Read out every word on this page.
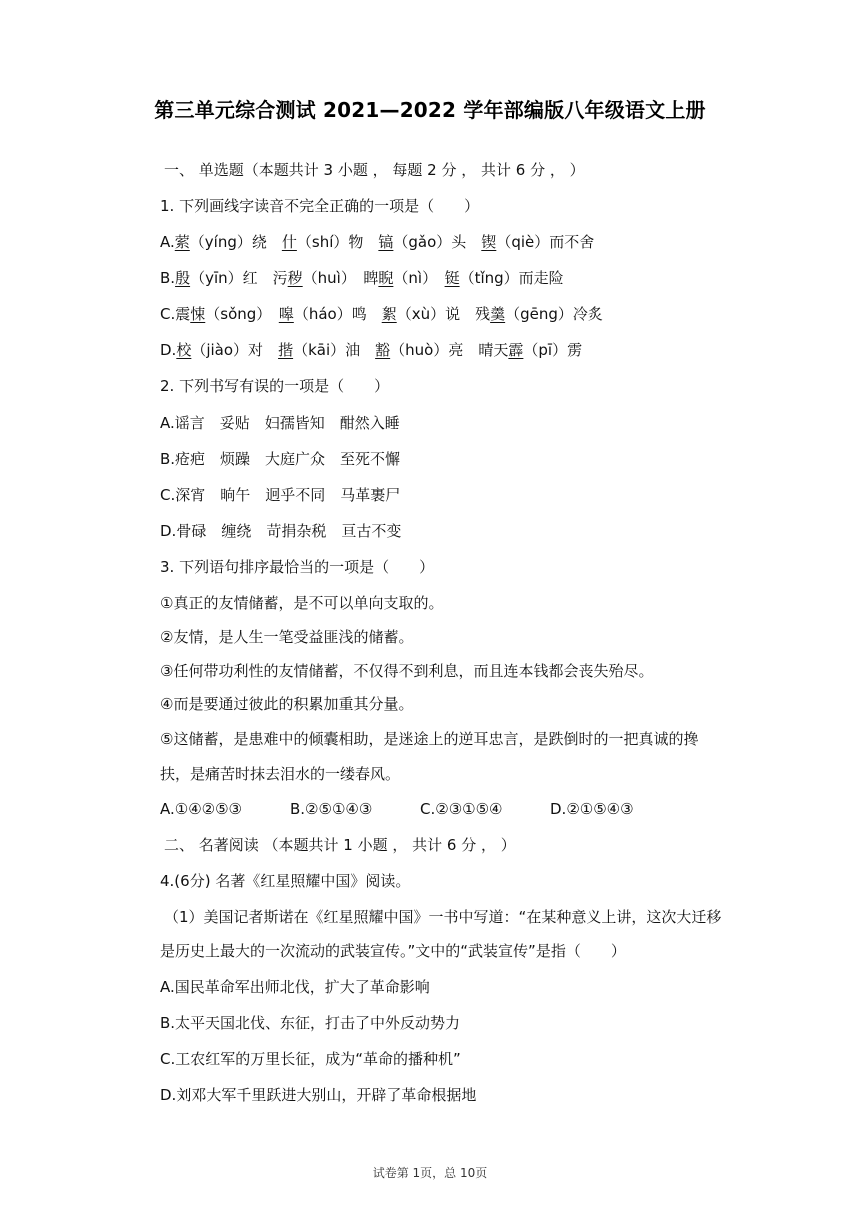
第三单元综合测试 2021—2022 学年部编版八年级语文上册
一、 单选题（本题共计 3 小题 ， 每题 2 分 ， 共计 6 分 ， ）
1. 下列画线字读音不完全正确的一项是（　　）
A.萦（yíng）绕　什（shí）物　镐（gǎo）头　锲（qiè）而不舍
B.殷（yīn）红　污秽（huì）　睥睨（nì）　铤（tǐng）而走险
C.震悚（sǒng）　嗥（háo）鸣　絮（xù）说　残羹（gēng）冷炙
D.校（jiào）对　揩（kāi）油　豁（huò）亮　晴天霹（pī）雳
2. 下列书写有误的一项是（　　）
A.谣言　妥贴　妇孺皆知　酣然入睡
B.疮疤　烦躁　大庭广众　至死不懈
C.深宵　晌午　迥乎不同　马革裹尸
D.骨碌　缠绕　苛捐杂税　亘古不变
3. 下列语句排序最恰当的一项是（　　）
①真正的友情储蓄，是不可以单向支取的。
②友情，是人生一笔受益匪浅的储蓄。
③任何带功利性的友情储蓄，不仅得不到利息，而且连本钱都会丧失殆尽。
④而是要通过彼此的积累加重其分量。
⑤这储蓄，是患难中的倾囊相助，是迷途上的逆耳忠言，是跌倒时的一把真诚的搀
扶，是痛苦时抹去泪水的一缕春风。
A.①④②⑤③	B.②⑤①④③	C.②③①⑤④	D.②①⑤④③
二、 名著阅读 （本题共计 1 小题 ， 共计 6 分 ， ）
4.(6分) 名著《红星照耀中国》阅读。
（1）美国记者斯诺在《红星照耀中国》一书中写道：“在某种意义上讲，这次大迁移
是历史上最大的一次流动的武装宣传。”文中的“武装宣传”是指（　　）
A.国民革命军出师北伐，扩大了革命影响
B.太平天国北伐、东征，打击了中外反动势力
C.工农红军的万里长征，成为“革命的播种机”
D.刘邓大军千里跃进大别山，开辟了革命根据地
试卷第 1页，总 10页
